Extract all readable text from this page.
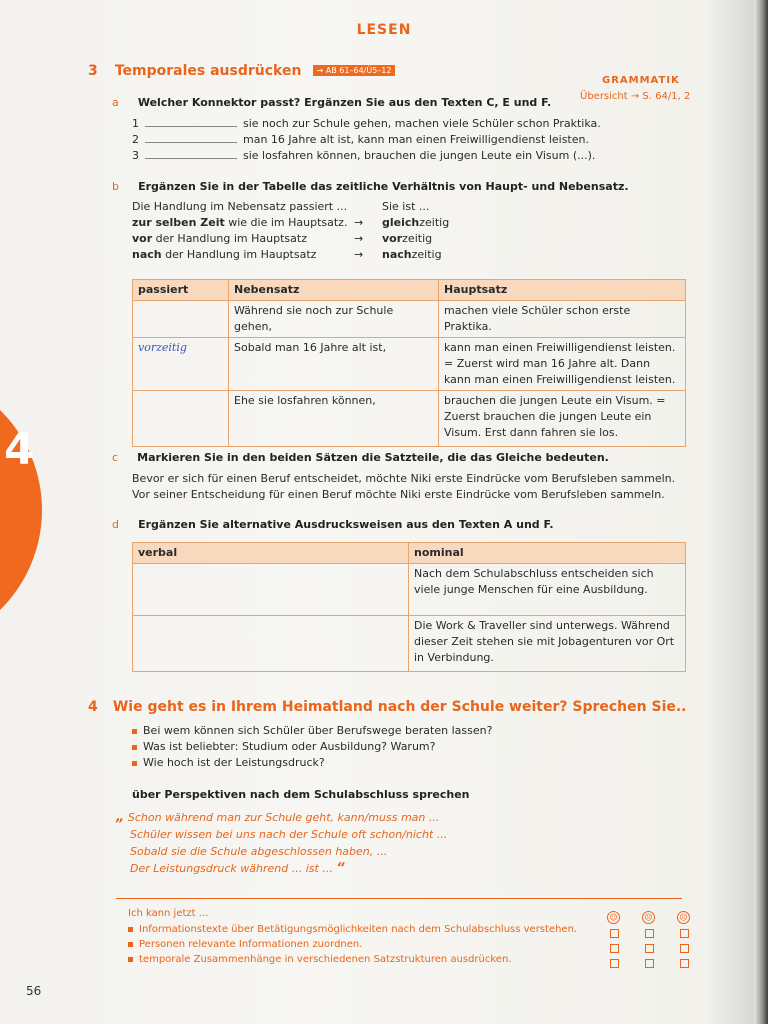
4
LESEN
3 Temporales ausdrücken → AB 61–64/Ü5–12
GRAMMATIK
Übersicht → S. 64/1, 2
a Welcher Konnektor passt? Ergänzen Sie aus den Texten C, E und F.
1	sie noch zur Schule gehen, machen viele Schüler schon Praktika.
2	man 16 Jahre alt ist, kann man einen Freiwilligendienst leisten.
3	sie losfahren können, brauchen die jungen Leute ein Visum (...).
b Ergänzen Sie in der Tabelle das zeitliche Verhältnis von Haupt- und Nebensatz.
Die Handlung im Nebensatz passiert ...	Sie ist ...
zur selben Zeit wie die im Hauptsatz. →	gleichzeitig
vor der Handlung im Hauptsatz	→	vorzeitig
nach der Handlung im Hauptsatz	→	nachzeitig
passiert	Nebensatz	Hauptsatz
	Während sie noch zur Schule gehen,	machen viele Schüler schon erste Praktika.
vorzeitig	Sobald man 16 Jahre alt ist,	kann man einen Freiwilligendienst leisten. = Zuerst wird man 16 Jahre alt. Dann kann man einen Freiwilligendienst leisten.
	Ehe sie losfahren können,	brauchen die jungen Leute ein Visum. = Zuerst brauchen die jungen Leute ein Visum. Erst dann fahren sie los.
c Markieren Sie in den beiden Sätzen die Satzteile, die das Gleiche bedeuten.
Bevor er sich für einen Beruf entscheidet, möchte Niki erste Eindrücke vom Berufsleben sammeln.
Vor seiner Entscheidung für einen Beruf möchte Niki erste Eindrücke vom Berufsleben sammeln.
d Ergänzen Sie alternative Ausdrucksweisen aus den Texten A und F.
verbal	nominal
	Nach dem Schulabschluss entscheiden sich viele junge Menschen für eine Ausbildung.
	Die Work & Traveller sind unterwegs. Während dieser Zeit stehen sie mit Jobagenturen vor Ort in Verbindung.
4 Wie geht es in Ihrem Heimatland nach der Schule weiter? Sprechen Sie..
Bei wem können sich Schüler über Berufswege beraten lassen?
Was ist beliebter: Studium oder Ausbildung? Warum?
Wie hoch ist der Leistungsdruck?
über Perspektiven nach dem Schulabschluss sprechen
„ Schon während man zur Schule geht, kann/muss man ...
Schüler wissen bei uns nach der Schule oft schon/nicht ...
Sobald sie die Schule abgeschlossen haben, ...
Der Leistungsdruck während ... ist ... “
Ich kann jetzt ...	☺	☹	☹
Informationstexte über Betätigungsmöglichkeiten nach dem Schulabschluss verstehen.
Personen relevante Informationen zuordnen.
temporale Zusammenhänge in verschiedenen Satzstrukturen ausdrücken.
56
